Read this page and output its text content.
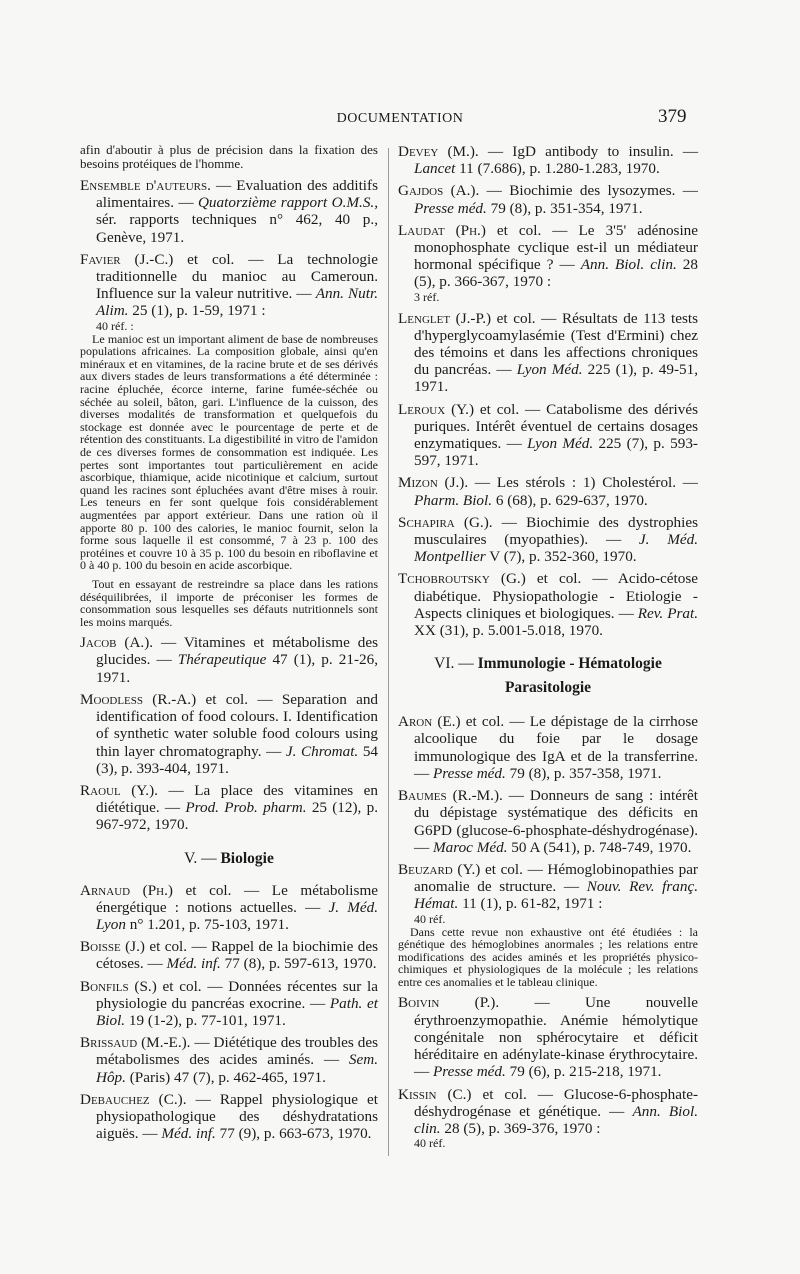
DOCUMENTATION	379

afin d'aboutir à plus de précision dans la fixation des besoins protéiques de l'homme.

Ensemble d'auteurs. — Evaluation des additifs alimentaires. — Quatorzième rapport O.M.S., sér. rapports techniques n° 462, 40 p., Genève, 1971.

Favier (J.-C.) et col. — La technologie traditionnelle du manioc au Cameroun. Influence sur la valeur nutritive. — Ann. Nutr. Alim. 25 (1), p. 1-59, 1971 :

40 réf. :

Le manioc est un important aliment de base de nombreuses populations africaines. La composition globale, ainsi qu'en minéraux et en vitamines, de la racine brute et de ses dérivés aux divers stades de leurs transformations a été déterminée : racine épluchée, écorce interne, farine fumée-séchée ou séchée au soleil, bâton, gari. L'influence de la cuisson, des diverses modalités de transformation et quelquefois du stockage est donnée avec le pourcentage de perte et de rétention des constituants. La digestibilité in vitro de l'amidon de ces diverses formes de consommation est indiquée. Les pertes sont importantes tout particulièrement en acide ascorbique, thiamique, acide nicotinique et calcium, surtout quand les racines sont épluchées avant d'être mises à rouir. Les teneurs en fer sont quelque fois considérablement augmentées par apport extérieur. Dans une ration où il apporte 80 p. 100 des calories, le manioc fournit, selon la forme sous laquelle il est consommé, 7 à 23 p. 100 des protéines et couvre 10 à 35 p. 100 du besoin en riboflavine et 0 à 40 p. 100 du besoin en acide ascorbique.

Tout en essayant de restreindre sa place dans les rations déséquilibrées, il importe de préconiser les formes de consommation sous lesquelles ses défauts nutritionnels sont les moins marqués.

Jacob (A.). — Vitamines et métabolisme des glucides. — Thérapeutique 47 (1), p. 21-26, 1971.

Moodless (R.-A.) et col. — Separation and identification of food colours. I. Identification of synthetic water soluble food colours using thin layer chromatography. — J. Chromat. 54 (3), p. 393-404, 1971.

Raoul (Y.). — La place des vitamines en diététique. — Prod. Prob. pharm. 25 (12), p. 967-972, 1970.

V. — Biologie

Arnaud (Ph.) et col. — Le métabolisme énergétique : notions actuelles. — J. Méd. Lyon n° 1.201, p. 75-103, 1971.

Boisse (J.) et col. — Rappel de la biochimie des cétoses. — Méd. inf. 77 (8), p. 597-613, 1970.

Bonfils (S.) et col. — Données récentes sur la physiologie du pancréas exocrine. — Path. et Biol. 19 (1-2), p. 77-101, 1971.

Brissaud (M.-E.). — Diététique des troubles des métabolismes des acides aminés. — Sem. Hôp. (Paris) 47 (7), p. 462-465, 1971.

Debauchez (C.). — Rappel physiologique et physiopathologique des déshydratations aiguës. — Méd. inf. 77 (9), p. 663-673, 1970.

Devey (M.). — IgD antibody to insulin. — Lancet 11 (7.686), p. 1.280-1.283, 1970.

Gajdos (A.). — Biochimie des lysozymes. — Presse méd. 79 (8), p. 351-354, 1971.

Laudat (Ph.) et col. — Le 3'5' adénosine monophosphate cyclique est-il un médiateur hormonal spécifique ? — Ann. Biol. clin. 28 (5), p. 366-367, 1970 :

3 réf.

Lenglet (J.-P.) et col. — Résultats de 113 tests d'hyperglycoamylasémie (Test d'Ermini) chez des témoins et dans les affections chroniques du pancréas. — Lyon Méd. 225 (1), p. 49-51, 1971.

Leroux (Y.) et col. — Catabolisme des dérivés puriques. Intérêt éventuel de certains dosages enzymatiques. — Lyon Méd. 225 (7), p. 593-597, 1971.

Mizon (J.). — Les stérols : 1) Cholestérol. — Pharm. Biol. 6 (68), p. 629-637, 1970.

Schapira (G.). — Biochimie des dystrophies musculaires (myopathies). — J. Méd. Montpellier V (7), p. 352-360, 1970.

Tchobroutsky (G.) et col. — Acido-cétose diabétique. Physiopathologie - Etiologie - Aspects cliniques et biologiques. — Rev. Prat. XX (31), p. 5.001-5.018, 1970.

VI. — Immunologie - Hématologie
Parasitologie

Aron (E.) et col. — Le dépistage de la cirrhose alcoolique du foie par le dosage immunologique des IgA et de la transferrine. — Presse méd. 79 (8), p. 357-358, 1971.

Baumes (R.-M.). — Donneurs de sang : intérêt du dépistage systématique des déficits en G6PD (glucose-6-phosphate-déshydrogénase). — Maroc Méd. 50 A (541), p. 748-749, 1970.

Beuzard (Y.) et col. — Hémoglobinopathies par anomalie de structure. — Nouv. Rev. franç. Hémat. 11 (1), p. 61-82, 1971 :

40 réf.

Dans cette revue non exhaustive ont été étudiées : la génétique des hémoglobines anormales ; les relations entre modifications des acides aminés et les propriétés physico-chimiques et physiologiques de la molécule ; les relations entre ces anomalies et le tableau clinique.

Boivin (P.). — Une nouvelle érythroenzymopathie. Anémie hémolytique congénitale non sphérocytaire et déficit héréditaire en adénylate-kinase érythrocytaire. — Presse méd. 79 (6), p. 215-218, 1971.

Kissin (C.) et col. — Glucose-6-phosphate-déshydrogénase et génétique. — Ann. Biol. clin. 28 (5), p. 369-376, 1970 :

40 réf.
